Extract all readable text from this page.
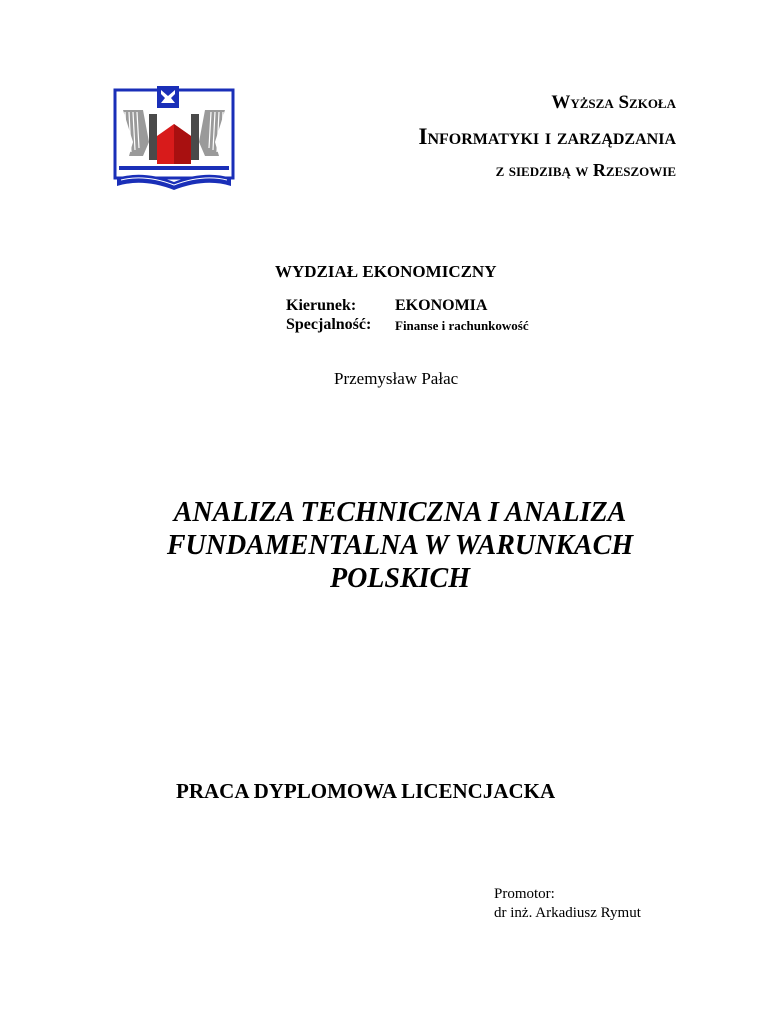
Wyższa Szkoła
Informatyki i zarządzania
z siedzibą w Rzeszowie
WYDZIAŁ EKONOMICZNY
Kierunek: EKONOMIA
Specjalność: Finanse i rachunkowość
Przemysław Pałac
ANALIZA TECHNICZNA I ANALIZA FUNDAMENTALNA W WARUNKACH POLSKICH
PRACA DYPLOMOWA LICENCJACKA
Promotor:
dr inż. Arkadiusz Rymut
